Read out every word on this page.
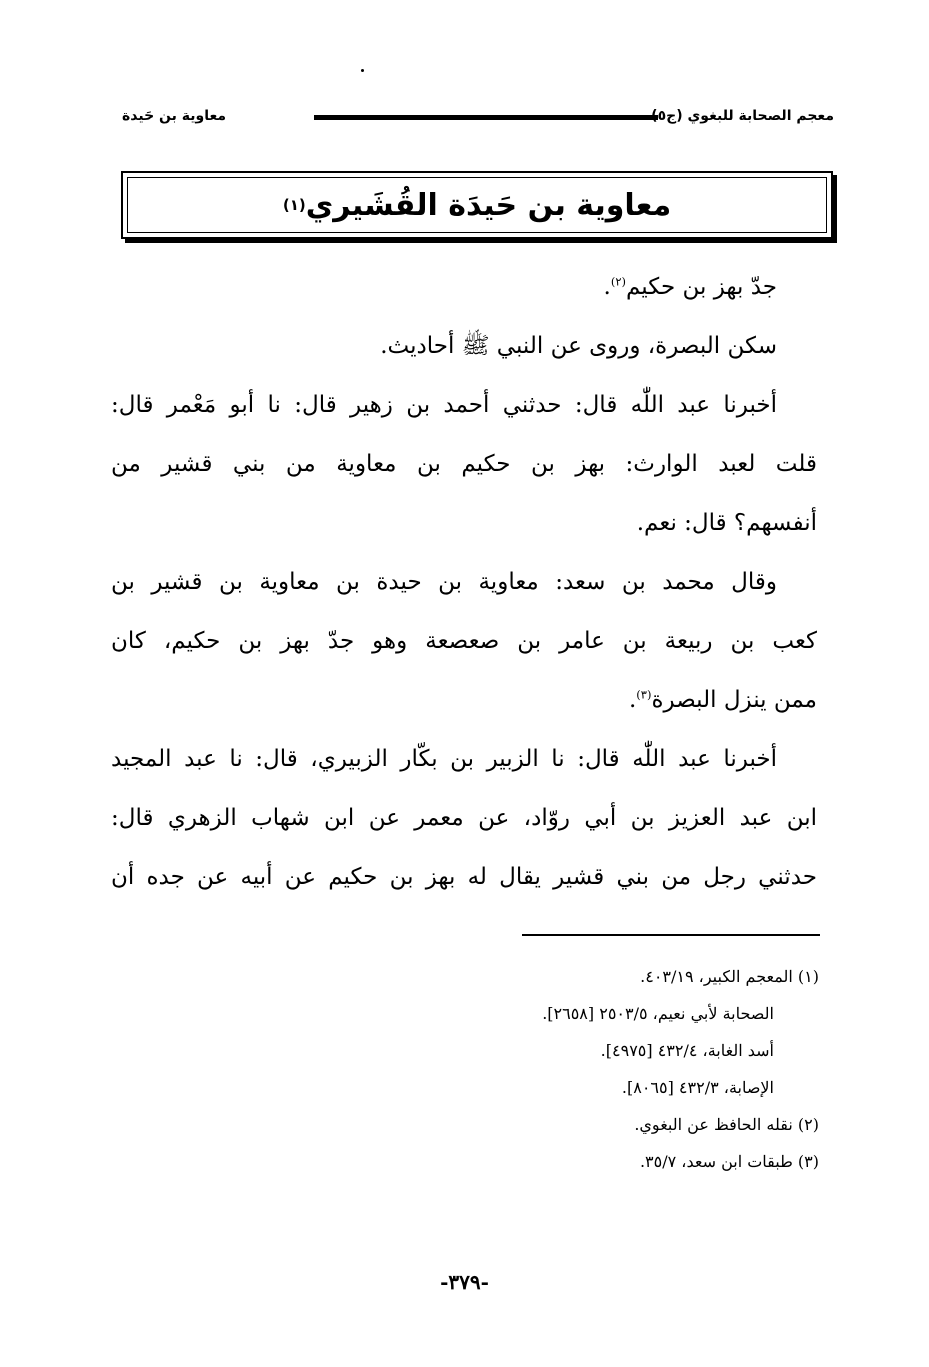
معجم الصحابة للبغوي (ج٥
معاوية بن حَيدة
معاوية بن حَيدَة القُشَيري
(١)
جدّ بهز بن حكيم$^{(٢)}$.
سكن البصرة، وروى عن النبي ﷺ أحاديث.
أخبرنا عبد اللّٰه قال: حدثني أحمد بن زهير قال: نا أبو مَعْمر قال:
قلت لعبد الوارث: بهز بن حكيم بن معاوية من بني قشير من
أنفسهم؟ قال: نعم.
وقال محمد بن سعد: معاوية بن حيدة بن معاوية بن قشير بن
كعب بن ربيعة بن عامر بن صعصعة وهو جدّ بهز بن حكيم، كان
ممن ينزل البصرة$^{(٣)}$.
أخبرنا عبد اللّٰه قال: نا الزبير بن بكّار الزبيري، قال: نا عبد المجيد
ابن عبد العزيز بن أبي روّاد، عن معمر عن ابن شهاب الزهري قال:
حدثني رجل من بني قشير يقال له بهز بن حكيم عن أبيه عن جده أن
(١) المعجم الكبير، ٤٠٣/١٩.
الصحابة لأبي نعيم، ٢٥٠٣/٥ [٢٦٥٨].
أسد الغابة، ٤٣٢/٤ [٤٩٧٥].
الإصابة، ٤٣٢/٣ [٨٠٦٥].
(٢) نقله الحافظ عن البغوي.
(٣) طبقات ابن سعد، ٣٥/٧.
-٣٧٩-
